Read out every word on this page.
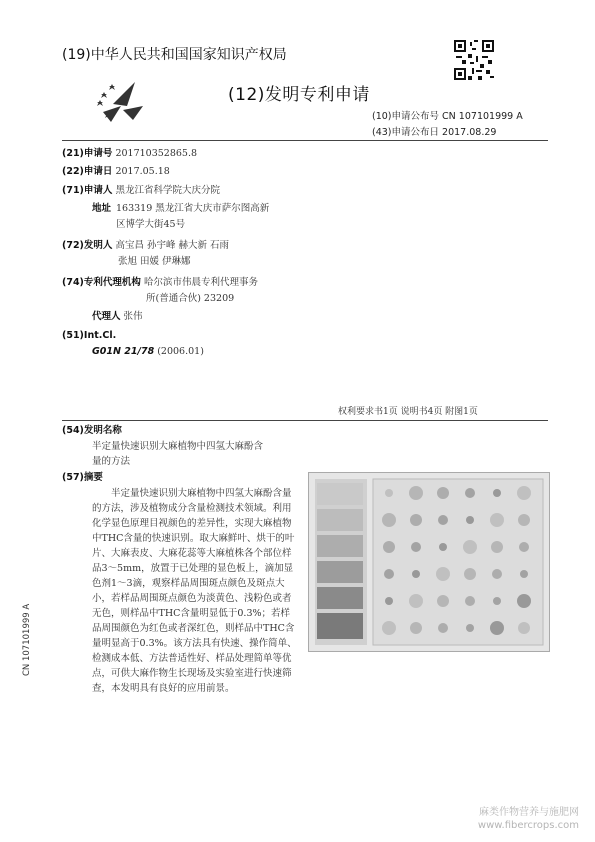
(19)中华人民共和国国家知识产权局
(12)发明专利申请
(10)申请公布号 CN 107101999 A
(43)申请公布日 2017.08.29
(21)申请号 201710352865.8
(22)申请日 2017.05.18
(71)申请人 黑龙江省科学院大庆分院
地址 163319 黑龙江省大庆市萨尔图高新
区博学大街45号
(72)发明人 高宝昌 孙宇峰 赫大新 石雨
张旭 田媛 伊琳娜
(74)专利代理机构 哈尔滨市伟晨专利代理事务
所(普通合伙) 23209
代理人 张伟
(51)Int.Cl.
G01N 21/78 (2006.01)
权利要求书1页 说明书4页 附图1页
(54)发明名称
半定量快速识别大麻植物中四氢大麻酚含
量的方法
(57)摘要

半定量快速识别大麻植物中四氢大麻酚含量的方法，涉及植物成分含量检测技术领域。利用化学显色原理目视颜色的差异性，实现大麻植物中THC含量的快速识别。取大麻鲜叶、烘干的叶片、大麻表皮、大麻花蕊等大麻植株各个部位样品3～5mm，放置于已处理的显色板上，滴加显色剂1～3滴，观察样品周围斑点颜色及斑点大小，若样品周围斑点颜色为淡黄色、浅粉色或者无色，则样品中THC含量明显低于0.3%；若样品周围颜色为红色或者深红色，则样品中THC含量明显高于0.3%。该方法具有快速、操作简单、检测成本低、方法普适性好、样品处理简单等优点，可供大麻作物生长现场及实验室进行快速筛查，本发明具有良好的应用前景。

CN 107101999 A
麻类作物营养与施肥网
www.fibercrops.com
